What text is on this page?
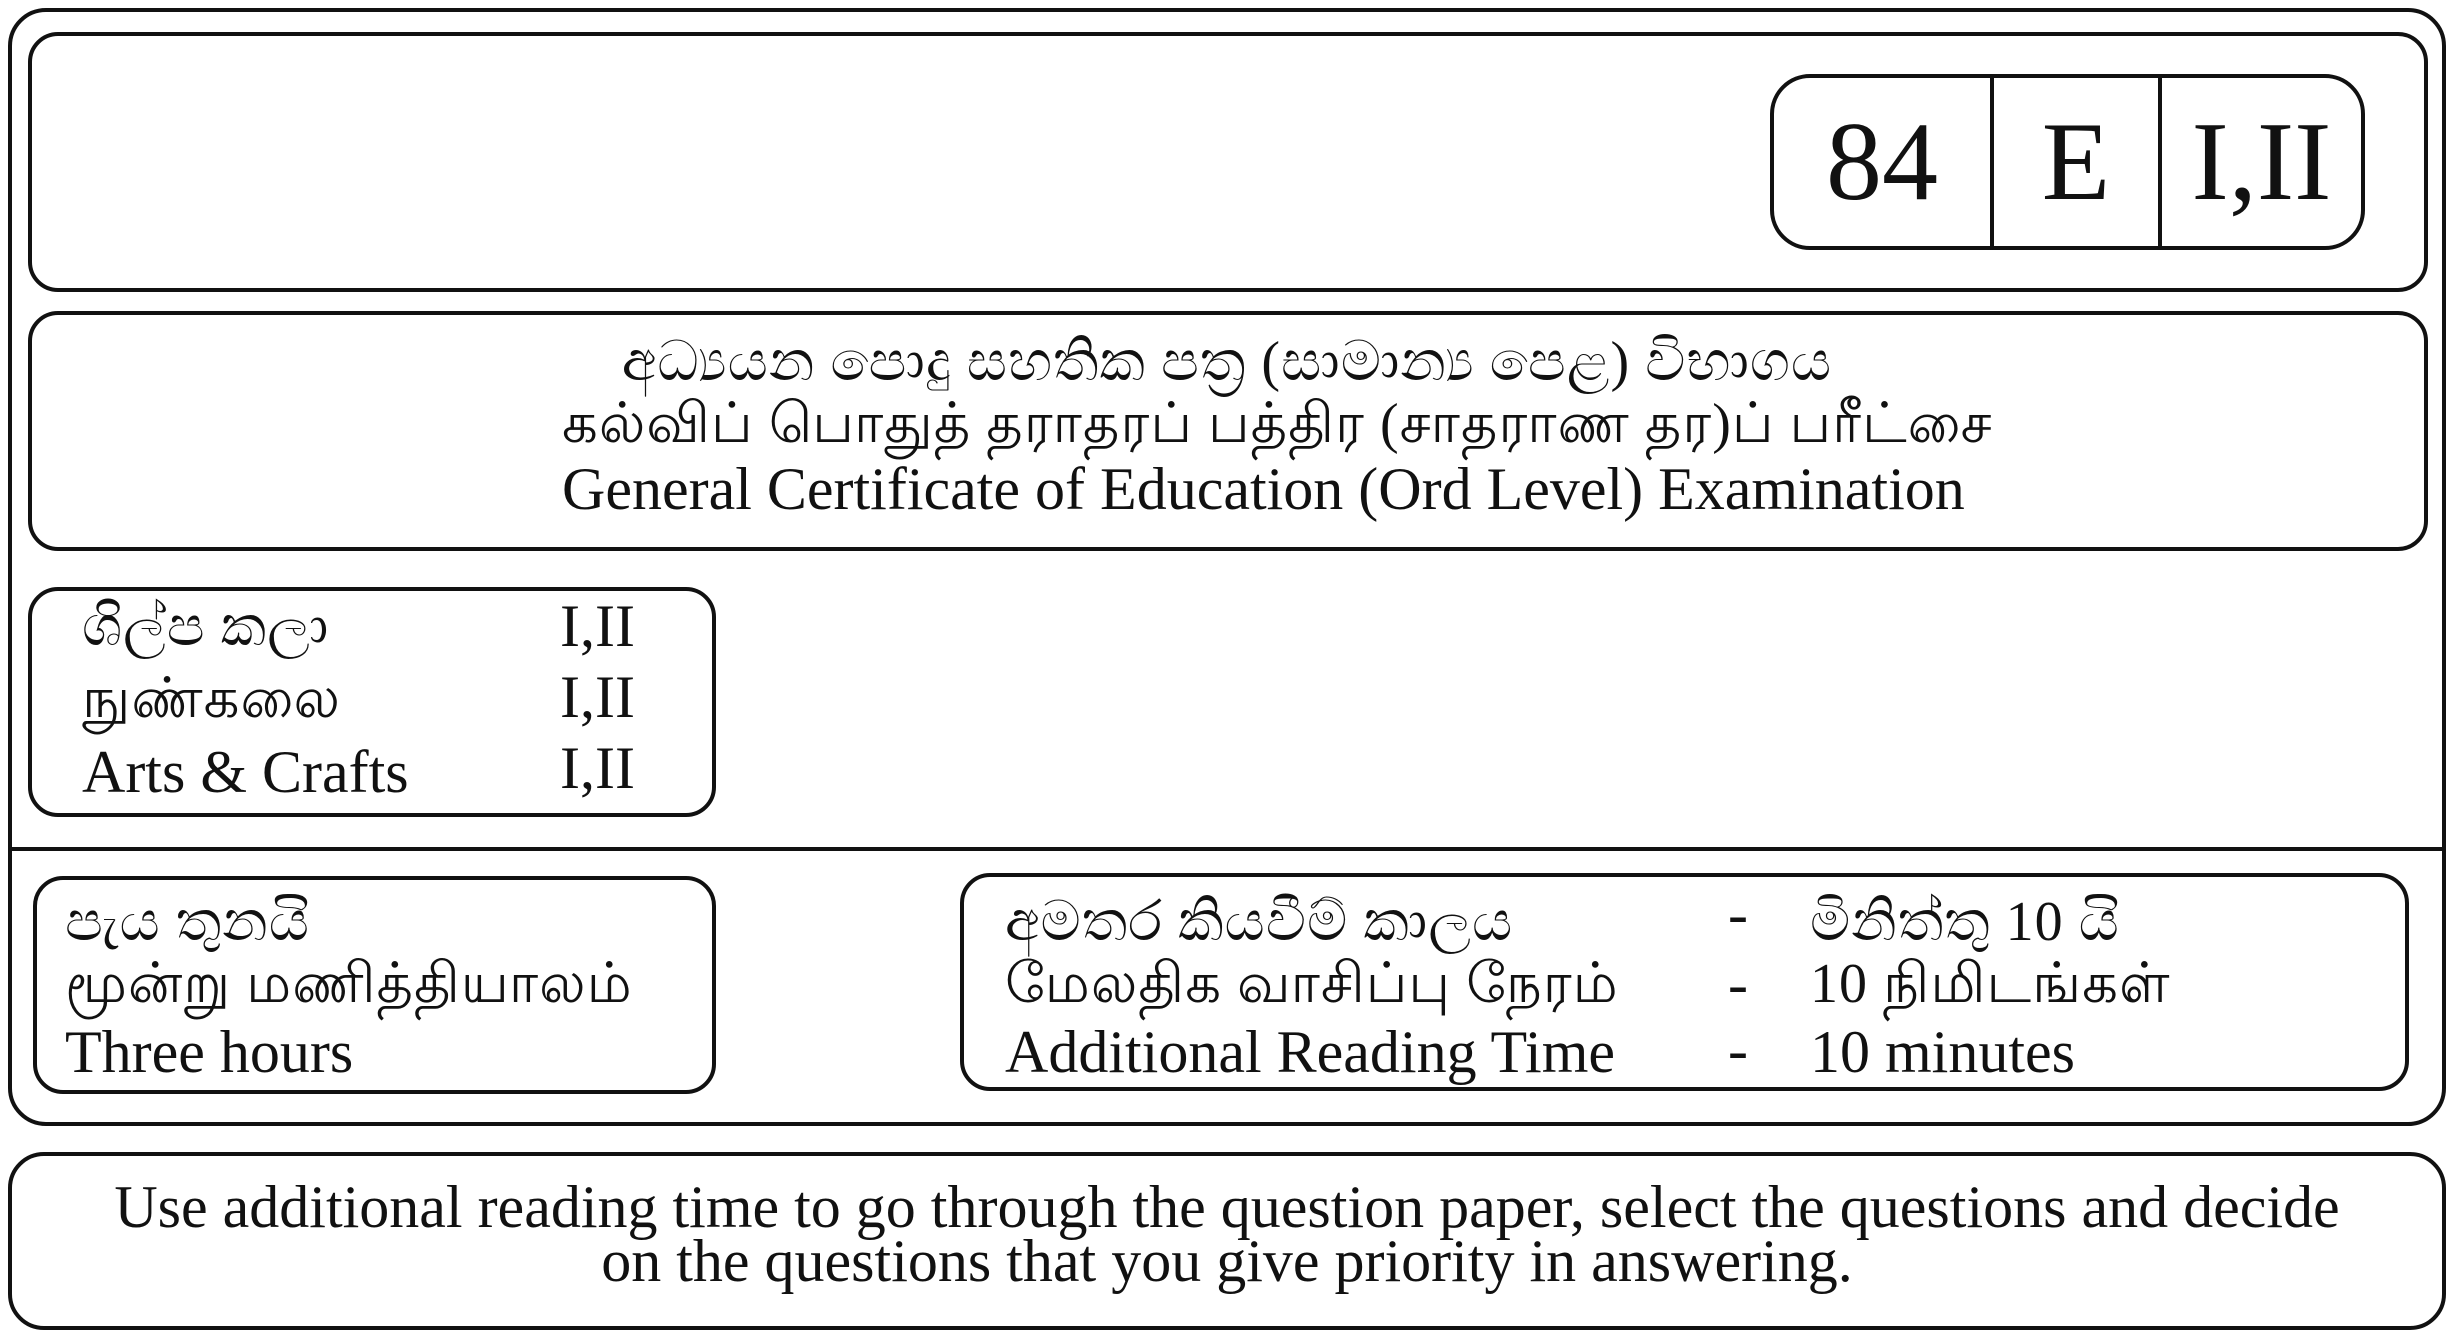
84 E I,II
අධ්‍යයන පොදු සහතික පත්‍ර (සාමාන්‍ය පෙළ) විභාගය
கல்விப் பொதுத் தராதரப் பத்திர (சாதராண தர)ப் பரீட்சை
General Certificate of Education (Ord Level) Examination
ශිල්ප කලා
நுண்கலை
Arts & Crafts
I,II
I,II
I,II
පැය තුනයි
மூன்று மணித்தியாலம்
Three hours
අමතර කියවීම් කාලය
மேலதிக வாசிப்பு நேரம்
Additional Reading Time
-
-
-
මිනිත්තු 10 යි
10 நிமிடங்கள்
10 minutes
Use additional reading time to go through the question paper, select the questions and decide
on the questions that you give priority in answering.
